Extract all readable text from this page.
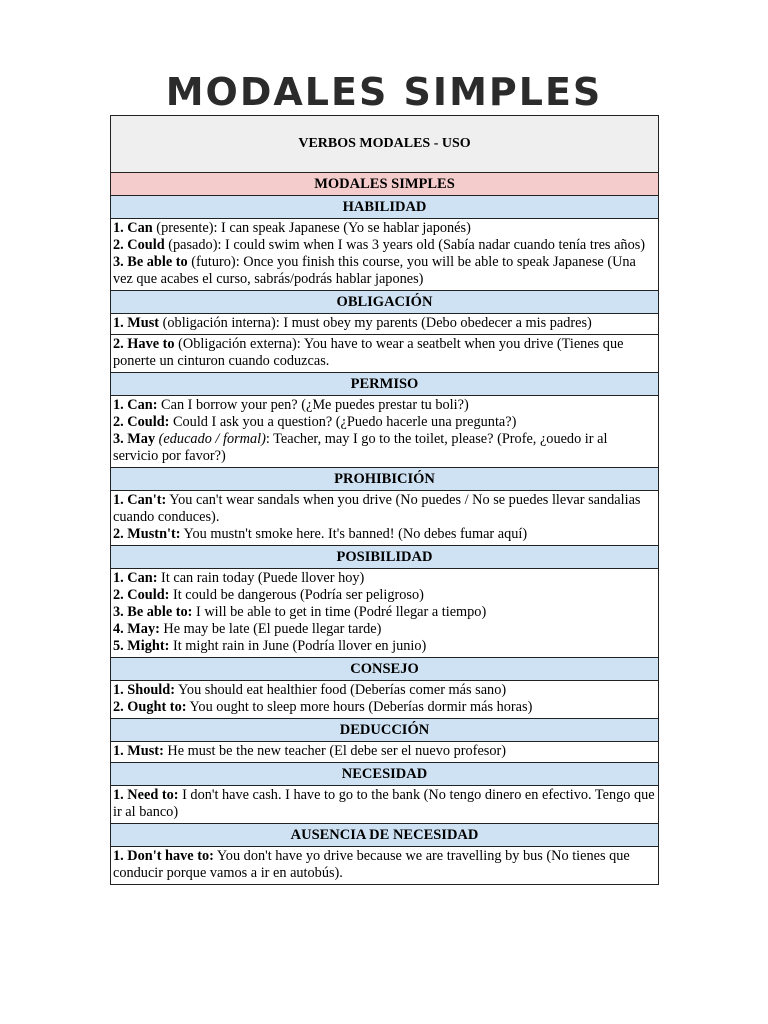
MODALES SIMPLES
VERBOS MODALES - USO
MODALES SIMPLES
HABILIDAD
1. Can (presente): I can speak Japanese (Yo se hablar japonés)
2. Could (pasado): I could swim when I was 3 years old (Sabía nadar cuando tenía tres años)
3. Be able to (futuro): Once you finish this course, you will be able to speak Japanese (Una vez que acabes el curso, sabrás/podrás hablar japones)
OBLIGACIÓN
1. Must (obligación interna): I must obey my parents (Debo obedecer a mis padres)
2. Have to (Obligación externa): You have to wear a seatbelt when you drive (Tienes que ponerte un cinturon cuando coduzcas.
PERMISO
1. Can: Can I borrow your pen? (¿Me puedes prestar tu boli?)
2. Could: Could I ask you a question? (¿Puedo hacerle una pregunta?)
3. May (educado / formal): Teacher, may I go to the toilet, please? (Profe, ¿ouedo ir al servicio por favor?)
PROHIBICIÓN
1. Can't: You can't wear sandals when you drive (No puedes / No se puedes llevar sandalias cuando conduces).
2. Mustn't: You mustn't smoke here. It's banned! (No debes fumar aquí)
POSIBILIDAD
1. Can: It can rain today (Puede llover hoy)
2. Could: It could be dangerous (Podría ser peligroso)
3. Be able to: I will be able to get in time (Podré llegar a tiempo)
4. May: He may be late (El puede llegar tarde)
5. Might: It might rain in June (Podría llover en junio)
CONSEJO
1. Should: You should eat healthier food (Deberías comer más sano)
2. Ought to: You ought to sleep more hours (Deberías dormir más horas)
DEDUCCIÓN
1. Must: He must be the new teacher (El debe ser el nuevo profesor)
NECESIDAD
1. Need to: I don't have cash. I have to go to the bank (No tengo dinero en efectivo. Tengo que ir al banco)
AUSENCIA DE NECESIDAD
1. Don't have to: You don't have yo drive because we are travelling by bus (No tienes que conducir porque vamos a ir en autobús).
